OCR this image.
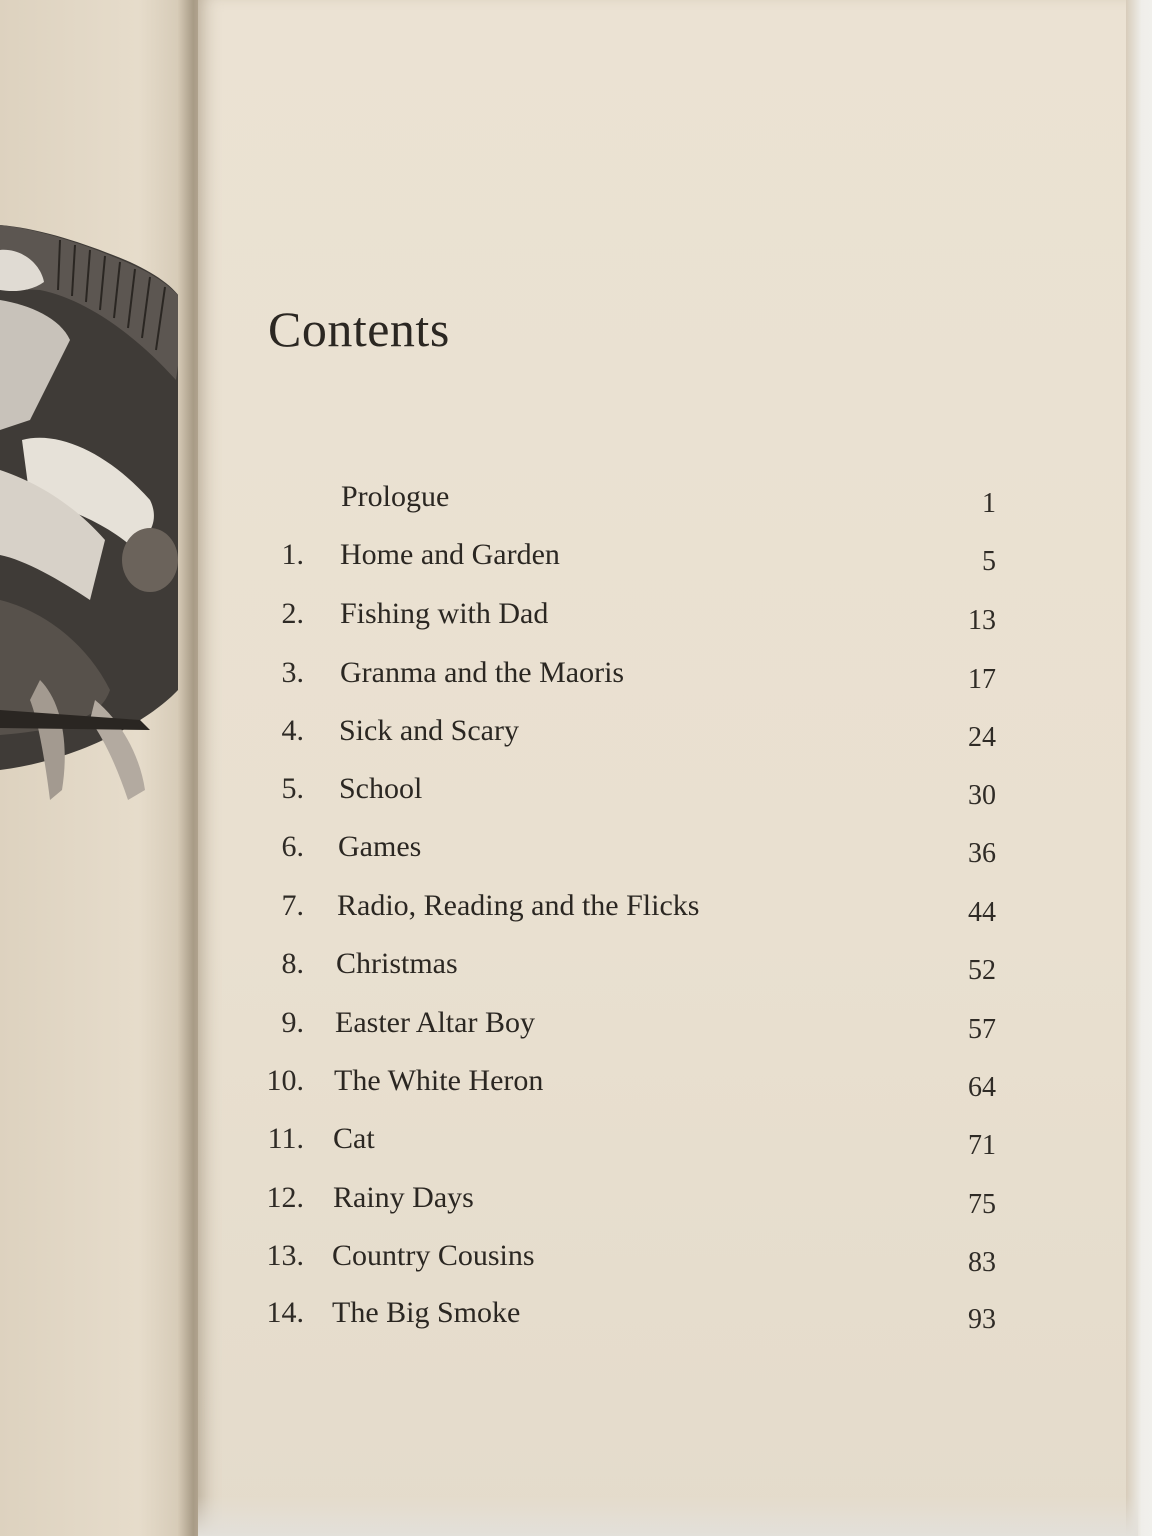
Contents
Prologue	1
1. Home and Garden	5
2. Fishing with Dad	13
3. Granma and the Maoris	17
4. Sick and Scary	24
5. School	30
6. Games	36
7. Radio, Reading and the Flicks	44
8. Christmas	52
9. Easter Altar Boy	57
10. The White Heron	64
11. Cat	71
12. Rainy Days	75
13. Country Cousins	83
14. The Big Smoke	93
